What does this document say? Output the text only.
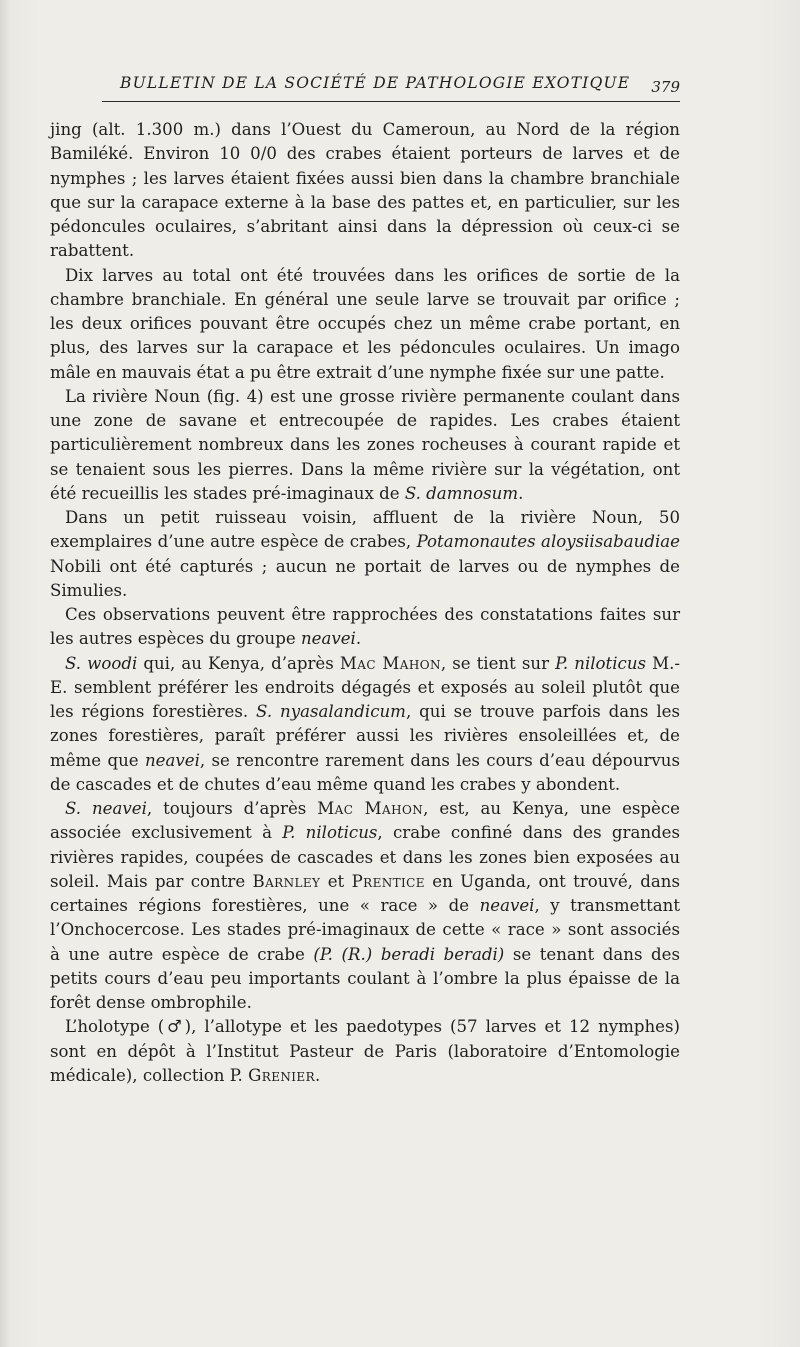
BULLETIN DE LA SOCIÉTÉ DE PATHOLOGIE EXOTIQUE 379

jing (alt. 1.300 m.) dans l’Ouest du Cameroun, au Nord de la région Bamiléké. Environ 10 0/0 des crabes étaient porteurs de larves et de nymphes ; les larves étaient fixées aussi bien dans la chambre branchiale que sur la carapace externe à la base des pattes et, en particulier, sur les pédoncules oculaires, s’abritant ainsi dans la dépression où ceux-ci se rabattent.

Dix larves au total ont été trouvées dans les orifices de sortie de la chambre branchiale. En général une seule larve se trouvait par orifice ; les deux orifices pouvant être occupés chez un même crabe portant, en plus, des larves sur la carapace et les pédoncules oculaires. Un imago mâle en mauvais état a pu être extrait d’une nymphe fixée sur une patte.

La rivière Noun (fig. 4) est une grosse rivière permanente coulant dans une zone de savane et entrecoupée de rapides. Les crabes étaient particulièrement nombreux dans les zones rocheuses à courant rapide et se tenaient sous les pierres. Dans la même rivière sur la végétation, ont été recueillis les stades pré-imaginaux de S. damnosum.

Dans un petit ruisseau voisin, affluent de la rivière Noun, 50 exemplaires d’une autre espèce de crabes, Potamonautes aloysiisabaudiae Nobili ont été capturés ; aucun ne portait de larves ou de nymphes de Simulies.

Ces observations peuvent être rapprochées des constatations faites sur les autres espèces du groupe neavei.

S. woodi qui, au Kenya, d’après Mac Mahon, se tient sur P. niloticus M.-E. semblent préférer les endroits dégagés et exposés au soleil plutôt que les régions forestières. S. nyasalandicum, qui se trouve parfois dans les zones forestières, paraît préférer aussi les rivières ensoleillées et, de même que neavei, se rencontre rarement dans les cours d’eau dépourvus de cascades et de chutes d’eau même quand les crabes y abondent.

S. neavei, toujours d’après Mac Mahon, est, au Kenya, une espèce associée exclusivement à P. niloticus, crabe confiné dans des grandes rivières rapides, coupées de cascades et dans les zones bien exposées au soleil. Mais par contre Barnley et Prentice en Uganda, ont trouvé, dans certaines régions forestières, une « race » de neavei, y transmettant l’Onchocercose. Les stades pré-imaginaux de cette « race » sont associés à une autre espèce de crabe (P. (R.) beradi beradi) se tenant dans des petits cours d’eau peu importants coulant à l’ombre la plus épaisse de la forêt dense ombrophile.

L’holotype (♂), l’allotype et les paedotypes (57 larves et 12 nymphes) sont en dépôt à l’Institut Pasteur de Paris (laboratoire d’Entomologie médicale), collection P. Grenier.
